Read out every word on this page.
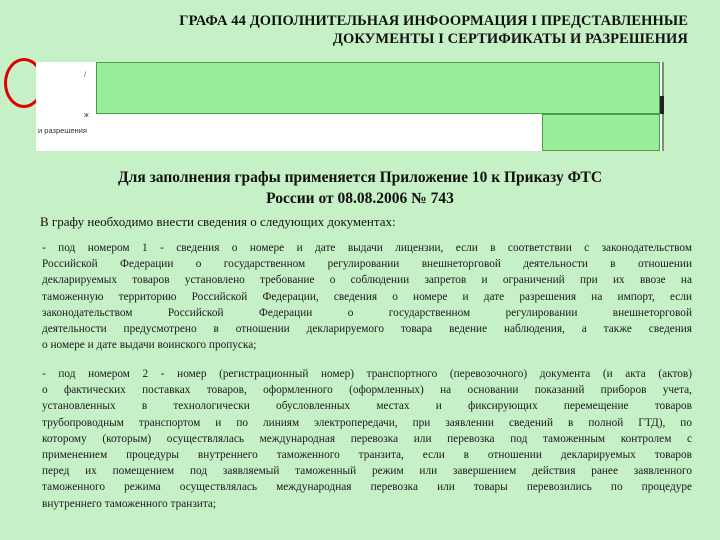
ГРАФА 44 ДОПОЛНИТЕЛЬНАЯ ИНФООРМАЦИЯ I ПРЕДСТАВЛЕННЫЕ
ДОКУМЕНТЫ I СЕРТИФИКАТЫ И РАЗРЕШЕНИЯ
/
ж
и разрешения
Для заполнения графы применяется Приложение 10 к Приказу ФТС
России от 08.08.2006 № 743
В графу необходимо внести сведения о следующих документах:
- под номером 1 - сведения о номере и дате выдачи лицензии, если в соответствии с законодательством
Российской Федерации о государственном регулировании внешнеторговой деятельности в отношении
декларируемых товаров установлено требование о соблюдении запретов и ограничений при их ввозе на
таможенную территорию Российской Федерации, сведения о номере и дате разрешения на импорт, если
законодательством Российской Федерации о государственном регулировании внешнеторговой
деятельности предусмотрено в отношении декларируемого товара ведение наблюдения, а также сведения
о номере и дате выдачи воинского пропуска;
- под номером 2 - номер (регистрационный номер) транспортного (перевозочного) документа (и акта (актов)
о фактических поставках товаров, оформленного (оформленных) на основании показаний приборов учета,
установленных в технологически обусловленных местах и фиксирующих перемещение товаров
трубопроводным транспортом и по линиям электропередачи, при заявлении сведений в полной ГТД), по
которому (которым) осуществлялась международная перевозка или перевозка под таможенным контролем с
применением процедуры внутреннего таможенного транзита, если в отношении декларируемых товаров
перед их помещением под заявляемый таможенный режим или завершением действия ранее заявленного
таможенного режима осуществлялась международная перевозка или товары перевозились по процедуре
внутреннего таможенного транзита;
